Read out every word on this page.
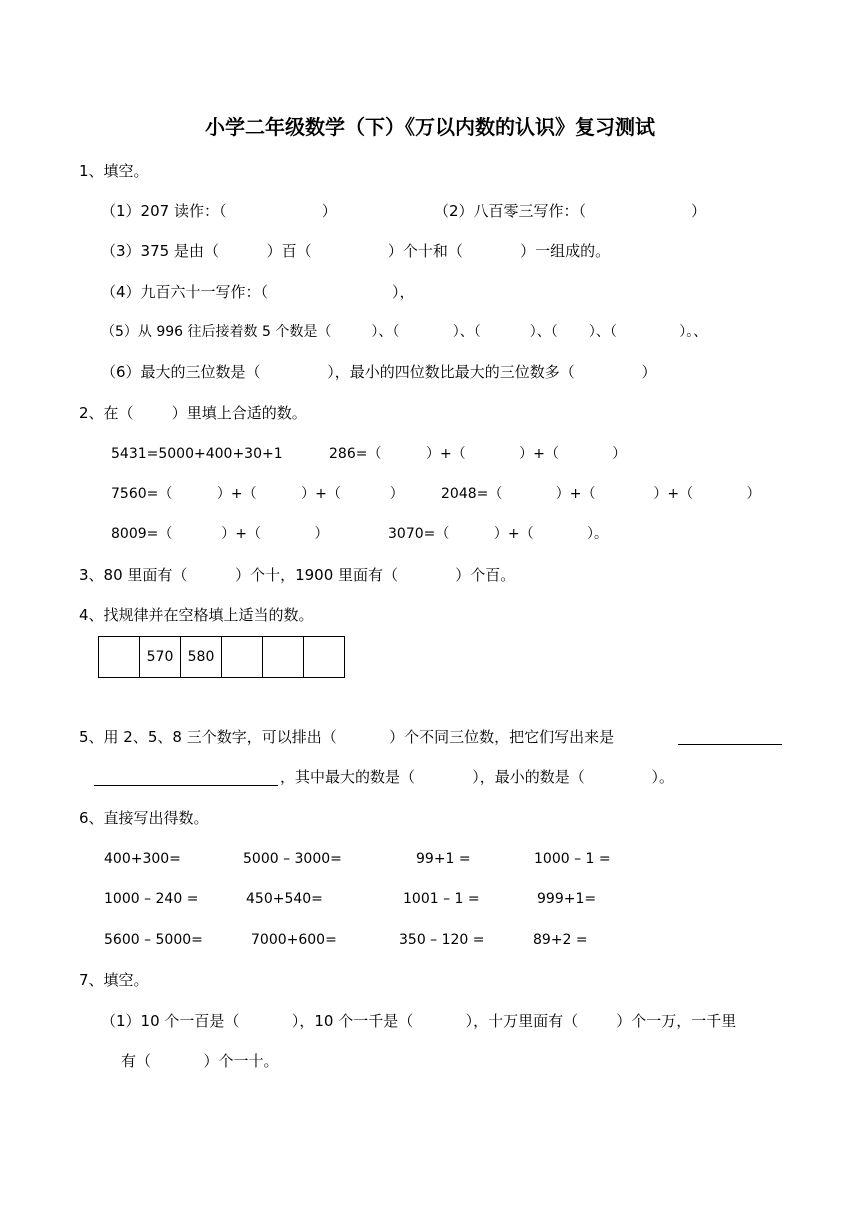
小学二年级数学（下）《万以内数的认识》复习测试
1、填空。
（1）207 读作：（                    ）	（2）八百零三写作：（                      ）
（3）375 是由（          ）百（                ）个十和（            ）一组成的。
（4）九百六十一写作：（                          ），
（5）从 996 往后接着数 5 个数是（         ）、（            ）、（           ）、（       ）、（              ）。、
（6）最大的三位数是（              ），最小的四位数比最大的三位数多（              ）
2、在（        ）里填上合适的数。
5431=5000+400+30+1	286=（          ）+（            ）+（            ）
7560=（          ）+（          ）+（           ）	2048=（            ）+（             ）+（            ）
8009=（           ）+（            ）	3070=（          ）+（            ）。
3、80 里面有（          ）个十，1900 里面有（            ）个百。
4、找规律并在空格填上适当的数。
	570	580			
5、用 2、5、8 三个数字，可以排出（           ）个不同三位数，把它们写出来是
，其中最大的数是（            ），最小的数是（              ）。
6、直接写出得数。
400+300=	5000 – 3000=	99+1 =	1000 – 1 =
1000 – 240 =	450+540=	1001 – 1 =	999+1=
5600 – 5000=	7000+600=	350 – 120 =	89+2 =
7、填空。
（1）10 个一百是（           ），10 个一千是（           ），十万里面有（        ）个一万，一千里
有（           ）个一十。
